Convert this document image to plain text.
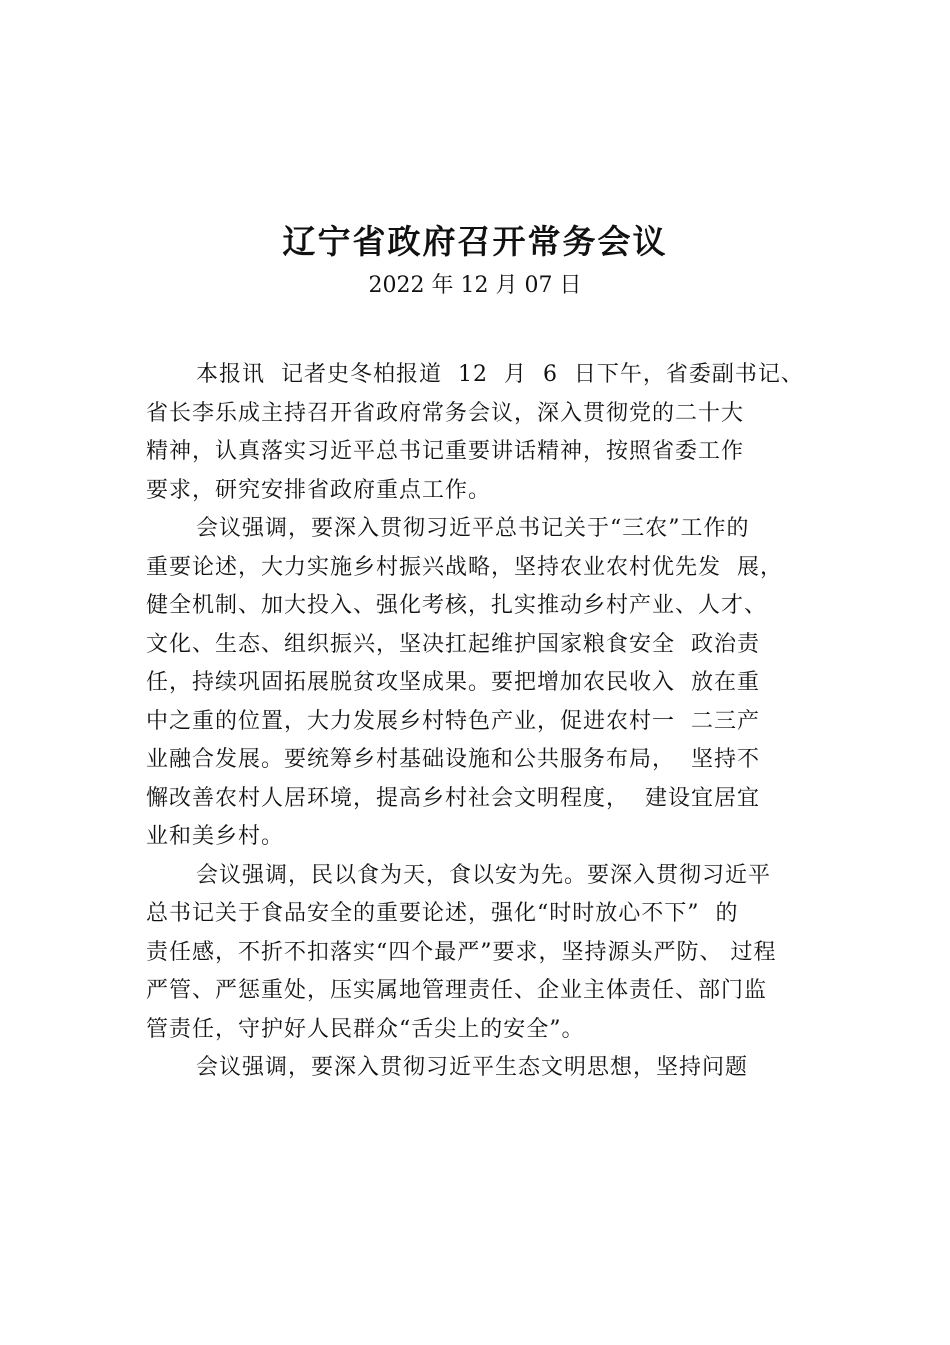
辽宁省政府召开常务会议
2022 年 12 月 07 日
本报讯  记者史冬柏报道  12  月  6  日下午，省委副书记、
省长李乐成主持召开省政府常务会议，深入贯彻党的二十大
精神，认真落实习近平总书记重要讲话精神，按照省委工作
要求，研究安排省政府重点工作。
会议强调，要深入贯彻习近平总书记关于“三农”工作的
重要论述，大力实施乡村振兴战略，坚持农业农村优先发  展，
健全机制、加大投入、强化考核，扎实推动乡村产业、人才、
文化、生态、组织振兴，坚决扛起维护国家粮食安全  政治责
任，持续巩固拓展脱贫攻坚成果。要把增加农民收入  放在重
中之重的位置，大力发展乡村特色产业，促进农村一  二三产
业融合发展。要统筹乡村基础设施和公共服务布局，  坚持不
懈改善农村人居环境，提高乡村社会文明程度，  建设宜居宜
业和美乡村。
会议强调，民以食为天，食以安为先。要深入贯彻习近平
总书记关于食品安全的重要论述，强化“时时放心不下”  的
责任感，不折不扣落实“四个最严”要求，坚持源头严防、 过程
严管、严惩重处，压实属地管理责任、企业主体责任、部门监
管责任，守护好人民群众“舌尖上的安全”。
会议强调，要深入贯彻习近平生态文明思想，坚持问题
